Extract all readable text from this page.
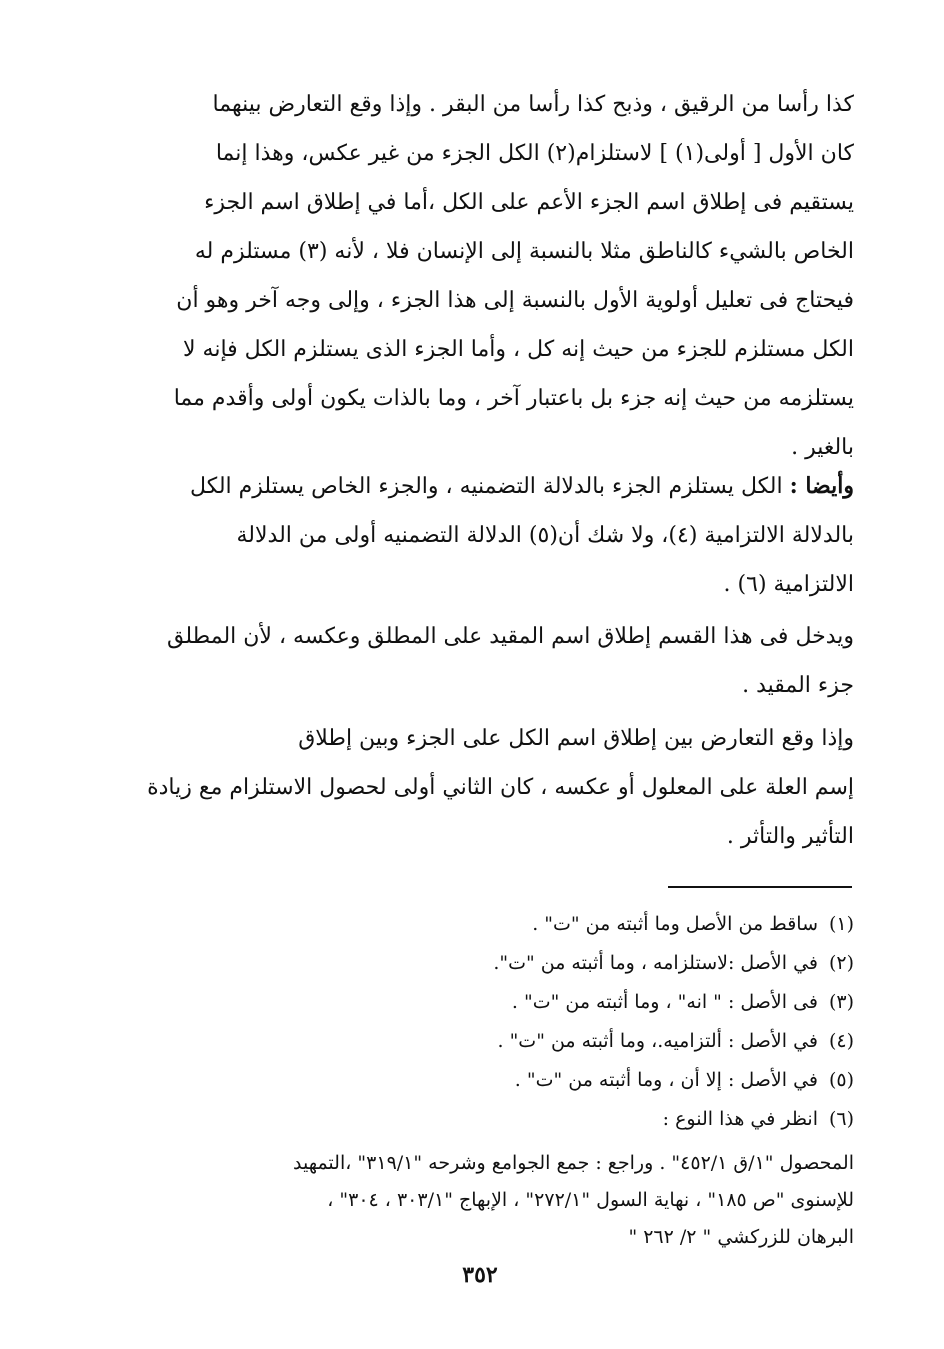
كذا رأسا من الرقيق ، وذبح كذا رأسا من البقر . وإذا وقع التعارض بينهما
كان الأول [ أولى(١) ] لاستلزام(٢) الكل الجزء من غير عكس، وهذا إنما
يستقيم فى إطلاق اسم الجزء الأعم على الكل ،أما في إطلاق اسم الجزء
الخاص بالشيء كالناطق مثلا بالنسبة إلى الإنسان فلا ، لأنه (٣) مستلزم له
فيحتاج فى تعليل أولوية الأول بالنسبة إلى هذا الجزء ، وإلى وجه آخر وهو أن
الكل مستلزم للجزء من حيث إنه كل ، وأما الجزء الذى يستلزم الكل فإنه لا
يستلزمه من حيث إنه جزء بل باعتبار آخر ، وما بالذات يكون أولى وأقدم مما
بالغير .
وأيضا : الكل يستلزم الجزء بالدلالة التضمنيه ، والجزء الخاص يستلزم الكل
بالدلالة الالتزامية (٤)، ولا شك أن(٥) الدلالة التضمنيه أولى من الدلالة
الالتزامية (٦) .
ويدخل فى هذا القسم إطلاق اسم المقيد على المطلق وعكسه ، لأن المطلق
جزء المقيد .
وإذا وقع التعارض بين إطلاق اسم الكل على الجزء وبين إطلاق
إسم العلة على المعلول أو عكسه ، كان الثاني أولى لحصول الاستلزام مع زيادة
التأثير والتأثر .
(١)ساقط من الأصل وما أثبته من "ت" .
(٢)في الأصل :لاستلزامه ، وما أثبته من "ت".
(٣)فى الأصل : " انه" ، وما أثبته من "ت" .
(٤)في الأصل : ألتزاميه.، وما أثبته من "ت" .
(٥)في الأصل : إلا أن ، وما أثبته من "ت" .
(٦)انظر في هذا النوع :
المحصول "١/ق ٤٥٢/١" . وراجع : جمع الجوامع وشرحه "٣١٩/١" ،التمهيد
للإسنوى "ص ١٨٥" ، نهاية السول "٢٧٢/١" ، الإبهاج "٣٠٣/١ ، ٣٠٤" ،
البرهان للزركشي " ٢/ ٢٦٢ "
٣٥٢
